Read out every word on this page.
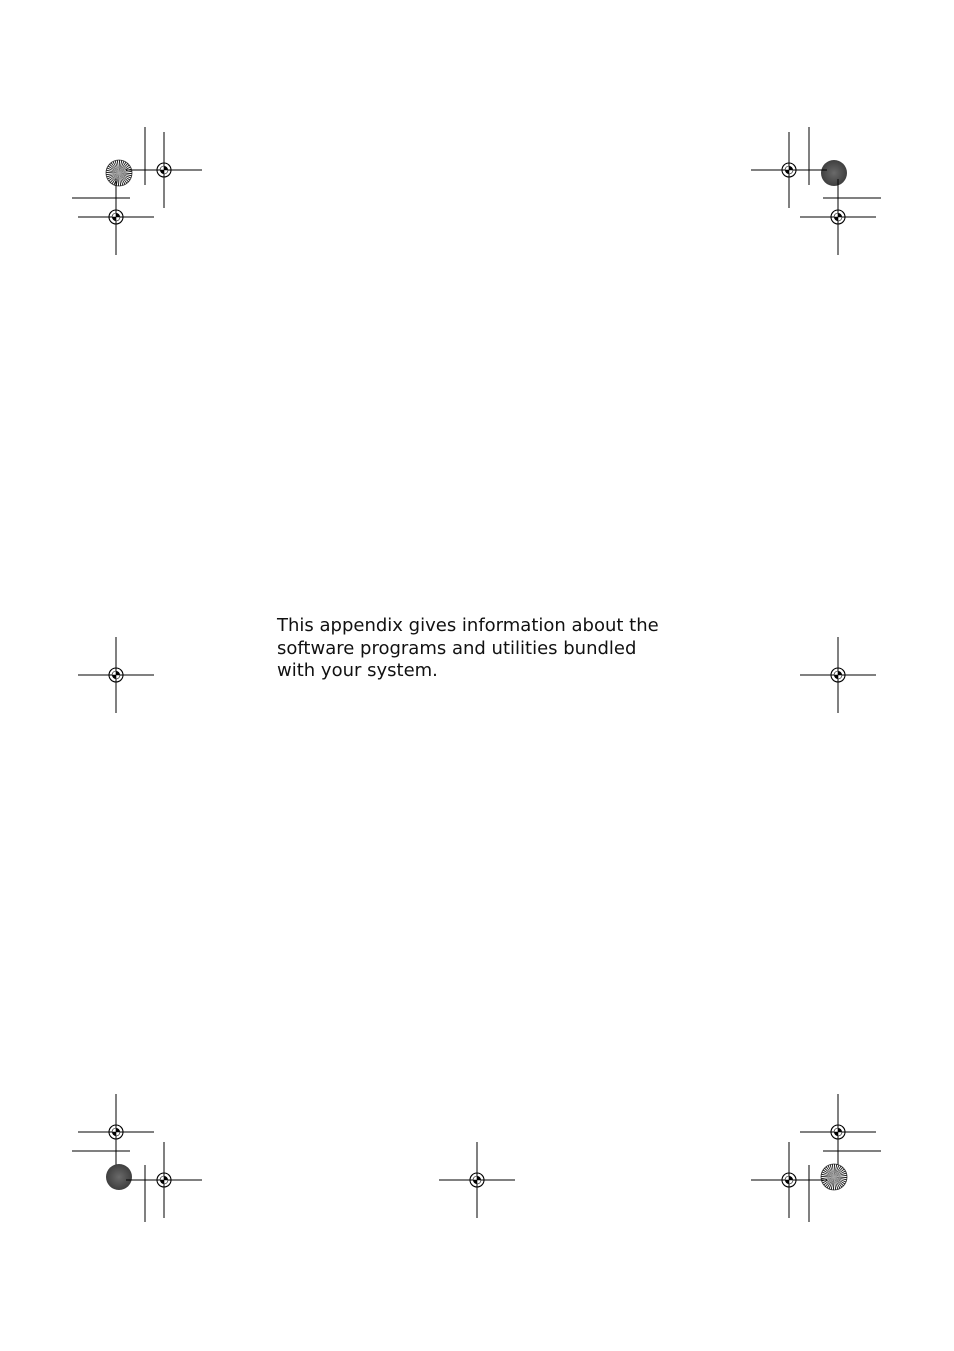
This appendix gives information about the
software programs and utilities bundled
with your system.
